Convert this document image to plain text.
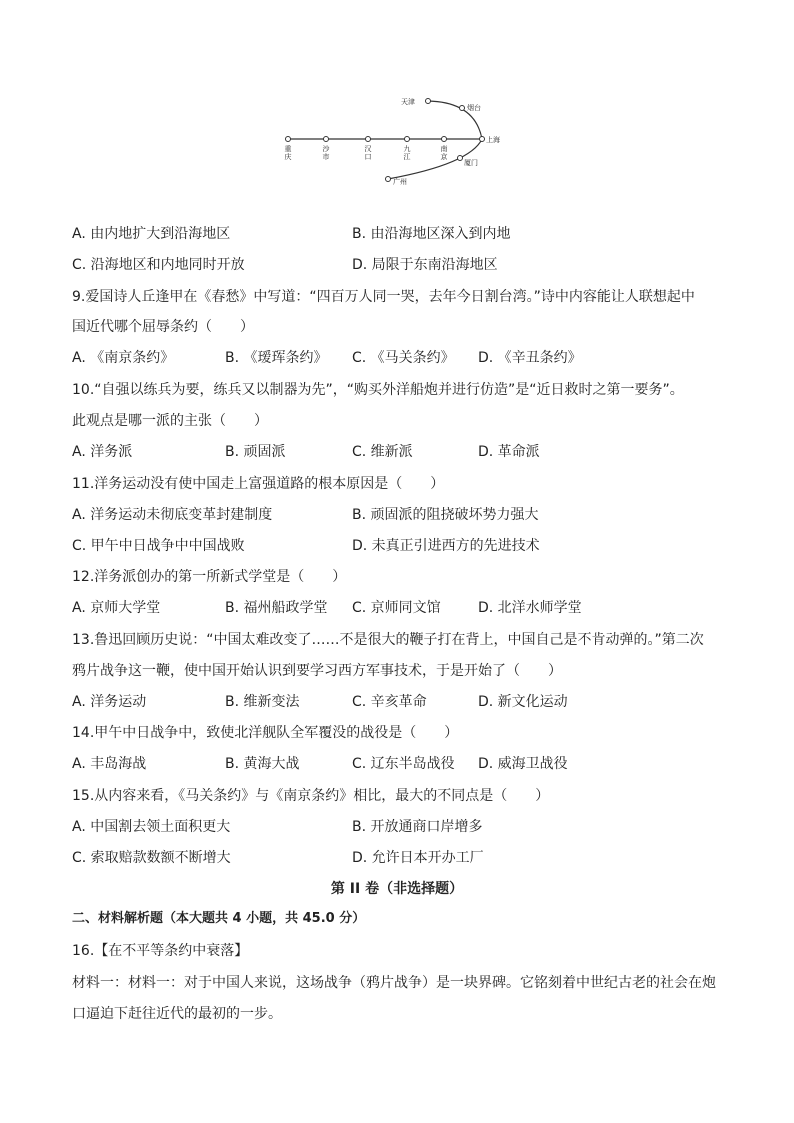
重庆
沙市
汉口
九江
南京
上海
天津
烟台
厦门
广州
A. 由内地扩大到沿海地区	B. 由沿海地区深入到内地
C. 沿海地区和内地同时开放	D. 局限于东南沿海地区
9.爱国诗人丘逢甲在《春愁》中写道：“四百万人同一哭，去年今日割台湾。”诗中内容能让人联想起中
国近代哪个屈辱条约（　　）
A. 《南京条约》	B. 《瑷珲条约》 C. 《马关条约》 D. 《辛丑条约》
10.“自强以练兵为要，练兵又以制器为先”，“购买外洋船炮并进行仿造”是“近日救时之第一要务”。
此观点是哪一派的主张（　　）
A. 洋务派	B. 顽固派	C. 维新派	D. 革命派
11.洋务运动没有使中国走上富强道路的根本原因是（　　）
A. 洋务运动未彻底变革封建制度	B. 顽固派的阻挠破坏势力强大
C. 甲午中日战争中中国战败	D. 未真正引进西方的先进技术
12.洋务派创办的第一所新式学堂是（　　）
A. 京师大学堂	B. 福州船政学堂 C. 京师同文馆	D. 北洋水师学堂
13.鲁迅回顾历史说：“中国太难改变了……不是很大的鞭子打在背上，中国自己是不肯动弹的。”第二次
鸦片战争这一鞭，使中国开始认识到要学习西方军事技术，于是开始了（　　）
A. 洋务运动	B. 维新变法	C. 辛亥革命	D. 新文化运动
14.甲午中日战争中，致使北洋舰队全军覆没的战役是（　　）
A. 丰岛海战	B. 黄海大战	C. 辽东半岛战役 D. 威海卫战役
15.从内容来看，《马关条约》与《南京条约》相比，最大的不同点是（　　）
A. 中国割去领土面积更大	B. 开放通商口岸增多
C. 索取赔款数额不断增大	D. 允许日本开办工厂
第 II 卷（非选择题）
二、材料解析题（本大题共 4 小题，共 45.0 分）
16.【在不平等条约中衰落】
材料一：材料一：对于中国人来说，这场战争（鸦片战争）是一块界碑。它铭刻着中世纪古老的社会在炮
口逼迫下赶往近代的最初的一步。
